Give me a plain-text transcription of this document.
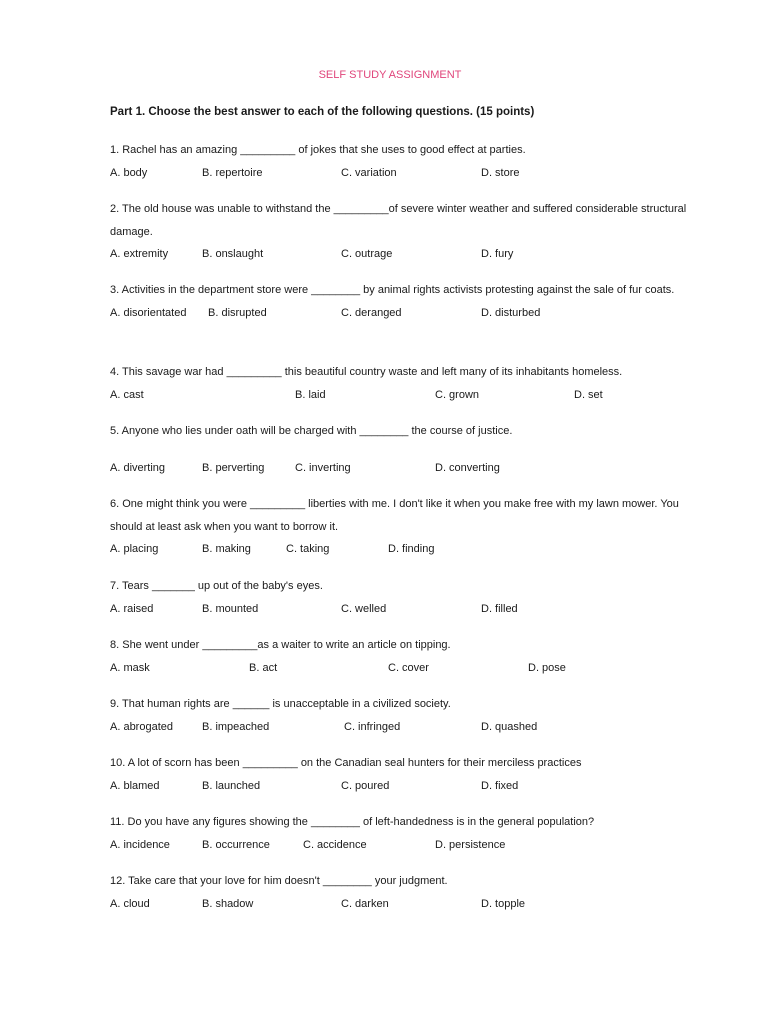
SELF STUDY ASSIGNMENT
Part 1. Choose the best answer to each of the following questions. (15 points)
1. Rachel has an amazing _________ of jokes that she uses to good effect at parties.
A. body	B. repertoire	C. variation	D. store
2. The old house was unable to withstand the _________of severe winter weather and suffered considerable structural damage.
A. extremity	B. onslaught	C. outrage	D. fury
3. Activities in the department store were ________ by animal rights activists protesting against the sale of fur coats.
A. disorientated B. disrupted	C. deranged	D. disturbed
4. This savage war had _________ this beautiful country waste and left many of its inhabitants homeless.
A. cast	B. laid	C. grown	D. set
5. Anyone who lies under oath will be charged with ________ the course of justice.
A. diverting	B. perverting	C. inverting	D. converting
6. One might think you were _________ liberties with me. I don't like it when you make free with my lawn mower. You should at least ask when you want to borrow it.
A. placing	B. making	C. taking	D. finding
7. Tears _______ up out of the baby's eyes.
A. raised	B. mounted	C. welled	D. filled
8. She went under _________as a waiter to write an article on tipping.
A. mask	B. act	C. cover	D. pose
9. That human rights are ______ is unacceptable in a civilized society.
A. abrogated	B. impeached	C. infringed	D. quashed
10. A lot of scorn has been _________ on the Canadian seal hunters for their merciless practices
A. blamed	B. launched	C. poured	D. fixed
11. Do you have any figures showing the ________ of left-handedness is in the general population?
A. incidence	B. occurrence	C. accidence	D. persistence
12. Take care that your love for him doesn't ________ your judgment.
A. cloud	B. shadow	C. darken	D. topple
